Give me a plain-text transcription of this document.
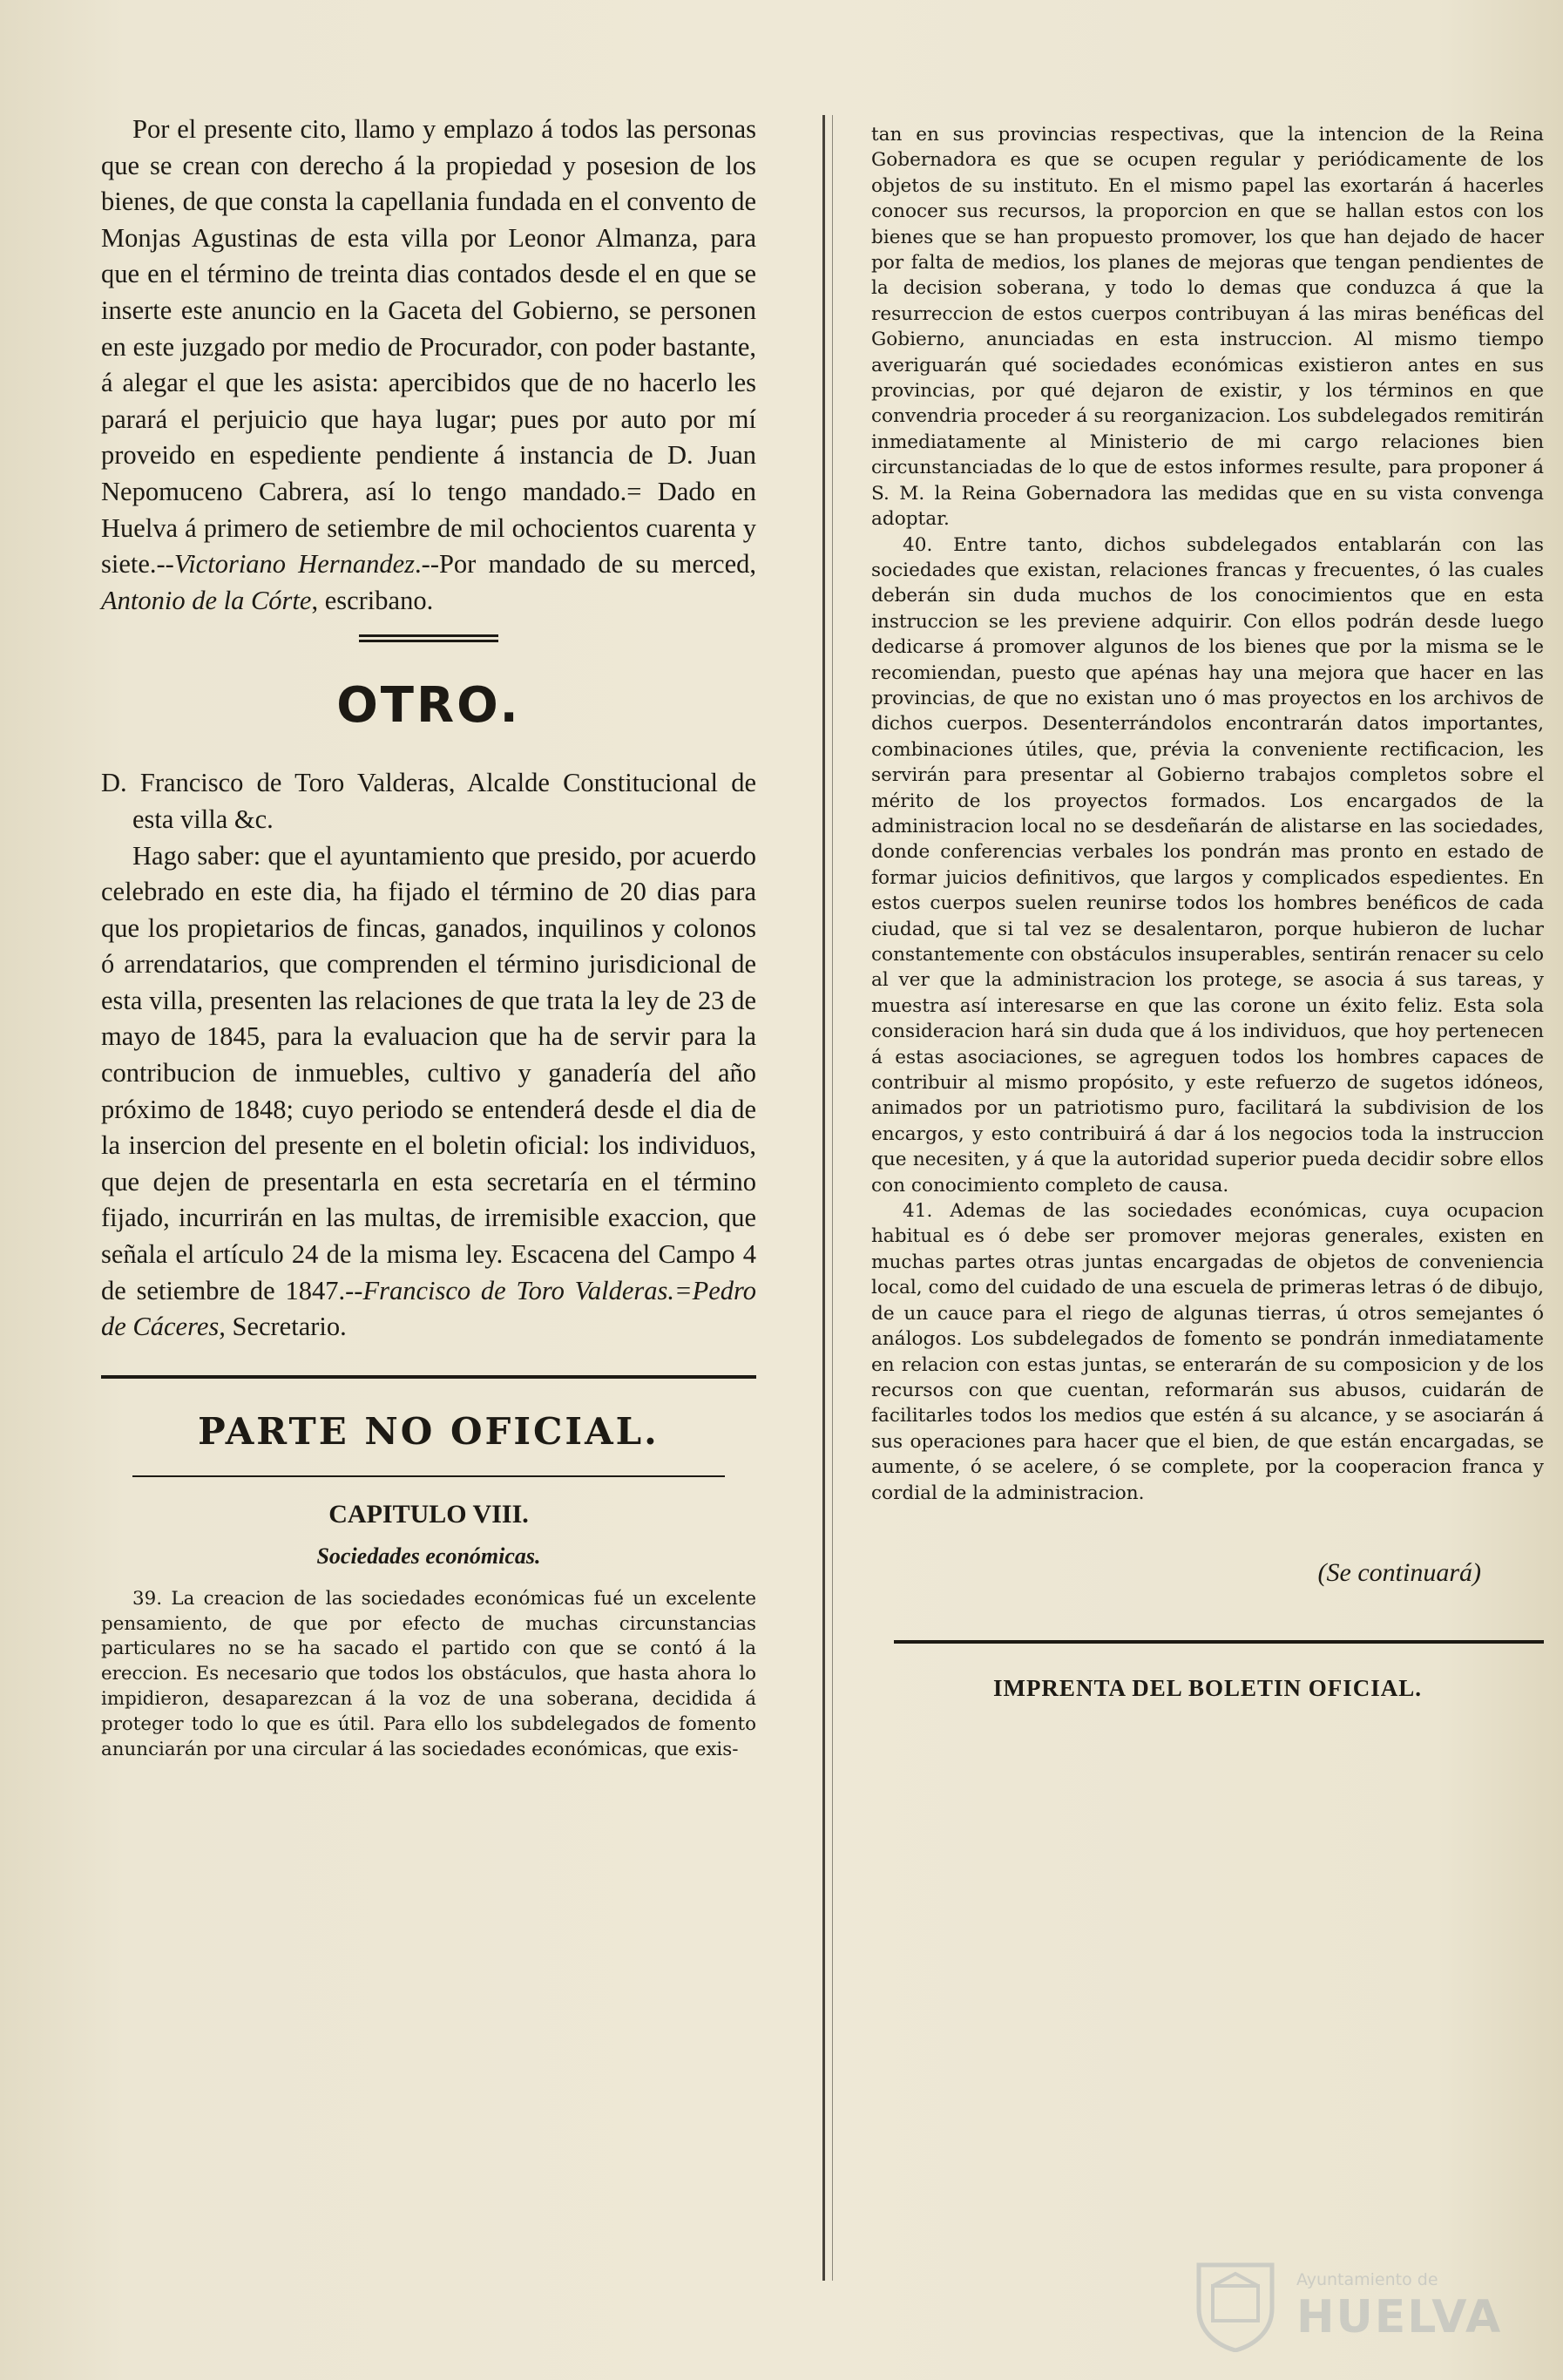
Por el presente cito, llamo y emplazo á todos las personas que se crean con derecho á la propiedad y posesion de los bienes, de que consta la capellania fundada en el convento de Monjas Agustinas de esta villa por Leonor Almanza, para que en el término de treinta dias contados desde el en que se inserte este anuncio en la Gaceta del Gobierno, se personen en este juzgado por medio de Procurador, con poder bastante, á alegar el que les asista: apercibidos que de no hacerlo les parará el perjuicio que haya lugar; pues por auto por mí proveido en espediente pendiente á instancia de D. Juan Nepomuceno Cabrera, así lo tengo mandado.= Dado en Huelva á primero de setiembre de mil ochocientos cuarenta y siete.--Victoriano Hernandez.--Por mandado de su merced, Antonio de la Córte, escribano.

OTRO.

D. Francisco de Toro Valderas, Alcalde Constitucional de esta villa &c.

Hago saber: que el ayuntamiento que presido, por acuerdo celebrado en este dia, ha fijado el término de 20 dias para que los propietarios de fincas, ganados, inquilinos y colonos ó arrendatarios, que comprenden el término jurisdicional de esta villa, presenten las relaciones de que trata la ley de 23 de mayo de 1845, para la evaluacion que ha de servir para la contribucion de inmuebles, cultivo y ganadería del año próximo de 1848; cuyo periodo se entenderá desde el dia de la insercion del presente en el boletin oficial: los individuos, que dejen de presentarla en esta secretaría en el término fijado, incurrirán en las multas, de irremisible exaccion, que señala el artículo 24 de la misma ley. Escacena del Campo 4 de setiembre de 1847.--Francisco de Toro Valderas.=Pedro de Cáceres, Secretario.

PARTE NO OFICIAL.
CAPITULO VIII.
Sociedades económicas.

39. La creacion de las sociedades económicas fué un excelente pensamiento, de que por efecto de muchas circunstancias particulares no se ha sacado el partido con que se contó á la ereccion. Es necesario que todos los obstáculos, que hasta ahora lo impidieron, desaparezcan á la voz de una soberana, decidida á proteger todo lo que es útil. Para ello los subdelegados de fomento anunciarán por una circular á las sociedades económicas, que exis-

tan en sus provincias respectivas, que la intencion de la Reina Gobernadora es que se ocupen regular y periódicamente de los objetos de su instituto. En el mismo papel las exortarán á hacerles conocer sus recursos, la proporcion en que se hallan estos con los bienes que se han propuesto promover, los que han dejado de hacer por falta de medios, los planes de mejoras que tengan pendientes de la decision soberana, y todo lo demas que conduzca á que la resurreccion de estos cuerpos contribuyan á las miras benéficas del Gobierno, anunciadas en esta instruccion. Al mismo tiempo averiguarán qué sociedades económicas existieron antes en sus provincias, por qué dejaron de existir, y los términos en que convendria proceder á su reorganizacion. Los subdelegados remitirán inmediatamente al Ministerio de mi cargo relaciones bien circunstanciadas de lo que de estos informes resulte, para proponer á S. M. la Reina Gobernadora las medidas que en su vista convenga adoptar.

40. Entre tanto, dichos subdelegados entablarán con las sociedades que existan, relaciones francas y frecuentes, ó las cuales deberán sin duda muchos de los conocimientos que en esta instruccion se les previene adquirir. Con ellos podrán desde luego dedicarse á promover algunos de los bienes que por la misma se le recomiendan, puesto que apénas hay una mejora que hacer en las provincias, de que no existan uno ó mas proyectos en los archivos de dichos cuerpos. Desenterrándolos encontrarán datos importantes, combinaciones útiles, que, prévia la conveniente rectificacion, les servirán para presentar al Gobierno trabajos completos sobre el mérito de los proyectos formados. Los encargados de la administracion local no se desdeñarán de alistarse en las sociedades, donde conferencias verbales los pondrán mas pronto en estado de formar juicios definitivos, que largos y complicados espedientes. En estos cuerpos suelen reunirse todos los hombres benéficos de cada ciudad, que si tal vez se desalentaron, porque hubieron de luchar constantemente con obstáculos insuperables, sentirán renacer su celo al ver que la administracion los protege, se asocia á sus tareas, y muestra así interesarse en que las corone un éxito feliz. Esta sola consideracion hará sin duda que á los individuos, que hoy pertenecen á estas asociaciones, se agreguen todos los hombres capaces de contribuir al mismo propósito, y este refuerzo de sugetos idóneos, animados por un patriotismo puro, facilitará la subdivision de los encargos, y esto contribuirá á dar á los negocios toda la instruccion que necesiten, y á que la autoridad superior pueda decidir sobre ellos con conocimiento completo de causa.

41. Ademas de las sociedades económicas, cuya ocupacion habitual es ó debe ser promover mejoras generales, existen en muchas partes otras juntas encargadas de objetos de conveniencia local, como del cuidado de una escuela de primeras letras ó de dibujo, de un cauce para el riego de algunas tierras, ú otros semejantes ó análogos. Los subdelegados de fomento se pondrán inmediatamente en relacion con estas juntas, se enterarán de su composicion y de los recursos con que cuentan, reformarán sus abusos, cuidarán de facilitarles todos los medios que estén á su alcance, y se asociarán á sus operaciones para hacer que el bien, de que están encargadas, se aumente, ó se acelere, ó se complete, por la cooperacion franca y cordial de la administracion.

(Se continuará)
IMPRENTA DEL BOLETIN OFICIAL.
Ayuntamiento de
HUELVA
